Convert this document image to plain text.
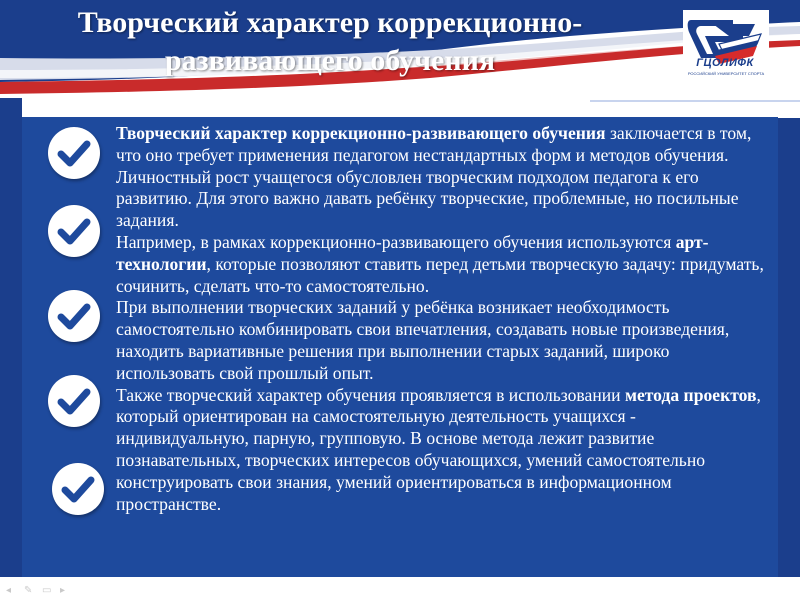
Творческий характер коррекционно-
развивающего обучения	ГЦОЛИФК
РОССИЙСКИЙ УНИВЕРСИТЕТ СПОРТА

Творческий характер коррекционно-развивающего обучения заключается в том, что оно требует применения педагогом нестандартных форм и методов обучения.

Личностный рост учащегося обусловлен творческим подходом педагога к его развитию. Для этого важно давать ребёнку творческие, проблемные, но посильные задания.

Например, в рамках коррекционно-развивающего обучения используются арт-технологии, которые позволяют ставить перед детьми творческую задачу: придумать, сочинить, сделать что-то самостоятельно.

При выполнении творческих заданий у ребёнка возникает необходимость самостоятельно комбинировать свои впечатления, создавать новые произведения, находить вариативные решения при выполнении старых заданий, широко использовать свой прошлый опыт.

Также творческий характер обучения проявляется в использовании метода проектов, который ориентирован на самостоятельную деятельность учащихся - индивидуальную, парную, групповую. В основе метода лежит развитие познавательных, творческих интересов обучающихся, умений самостоятельно конструировать свои знания, умений ориентироваться в информационном пространстве.

◂	✎ ▭ ▸
